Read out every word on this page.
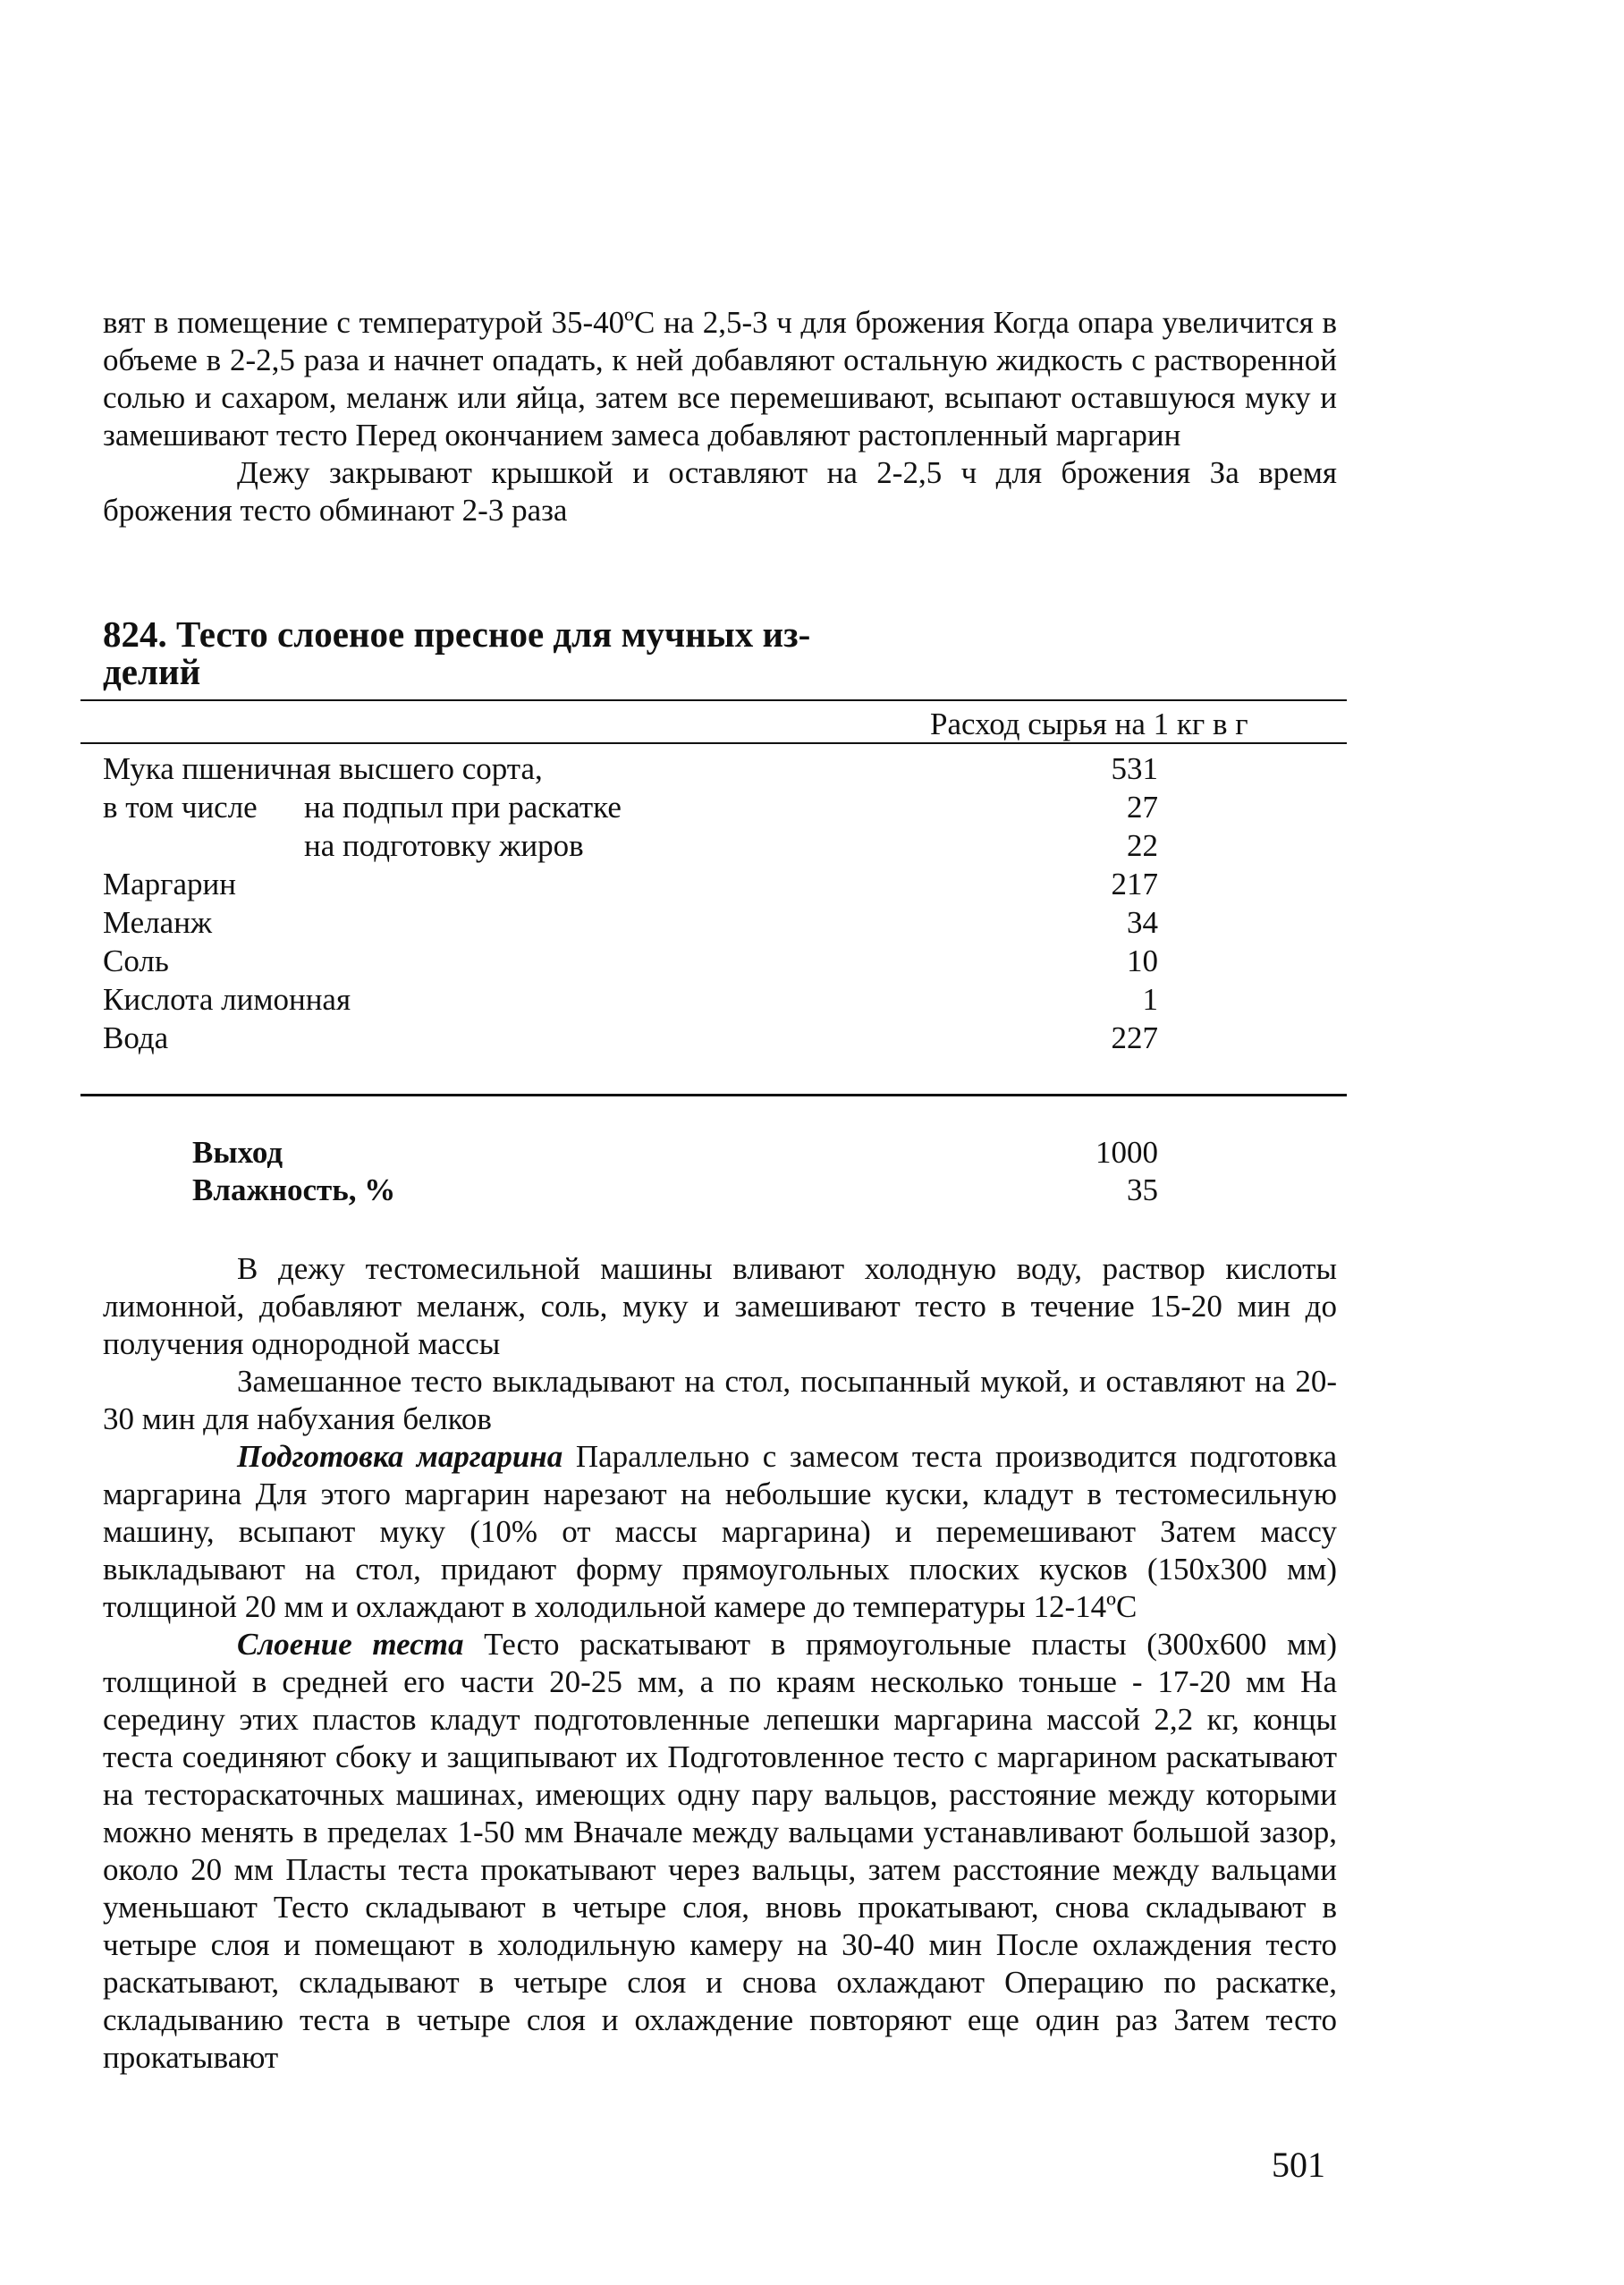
вят в помещение с температурой 35-40ºС на 2,5-3 ч для брожения Когда опара увеличится в объеме в 2-2,5 раза и начнет опадать, к ней добавляют остальную жидкость с растворенной солью и сахаром, меланж или яйца, затем все перемешивают, всыпают оставшуюся муку и замешивают тесто Перед окончанием замеса добавляют растопленный маргарин

Дежу закрывают крышкой и оставляют на 2-2,5 ч для брожения За время брожения тесто обминают 2-3 раза

824. Тесто слоеное пресное для мучных из-
делий
Расход сырья на 1 кг в г
Мука пшеничная высшего сорта,	531
в том числе на подпыл при раскатке	27
на подготовку жиров	22
Маргарин	217
Меланж	34
Соль	10
Кислота лимонная	1
Вода	227
Выход	1000
Влажность, %	35

В дежу тестомесильной машины вливают холодную воду, раствор кислоты лимонной, добавляют меланж, соль, муку и замешивают тесто в течение 15-20 мин до получения однородной массы

Замешанное тесто выкладывают на стол, посыпанный мукой, и оставляют на 20-30 мин для набухания белков

Подготовка маргарина Параллельно с замесом теста производится подготовка маргарина Для этого маргарин нарезают на небольшие куски, кладут в тестомесильную машину, всыпают муку (10% от массы маргарина) и перемешивают Затем массу выкладывают на стол, придают форму прямоугольных плоских кусков (150х300 мм) толщиной 20 мм и охлаждают в холодильной камере до температуры 12-14ºС

Слоение теста Тесто раскатывают в прямоугольные пласты (300х600 мм) толщиной в средней его части 20-25 мм, а по краям несколько тоньше - 17-20 мм На середину этих пластов кладут подготовленные лепешки маргарина массой 2,2 кг, концы теста соединяют сбоку и защипывают их Подготовленное тесто с маргарином раскатывают на тестораскаточных машинах, имеющих одну пару вальцов, расстояние между которыми можно менять в пределах 1-50 мм Вначале между вальцами устанавливают большой зазор, около 20 мм Пласты теста прокатывают через вальцы, затем расстояние между вальцами уменьшают Тесто складывают в четыре слоя, вновь прокатывают, снова складывают в четыре слоя и помещают в холодильную камеру на 30-40 мин После охлаждения тесто раскатывают, складывают в четыре слоя и снова охлаждают Операцию по раскатке, складыванию теста в четыре слоя и охлаждение повторяют еще один раз Затем тесто прокатывают

501
